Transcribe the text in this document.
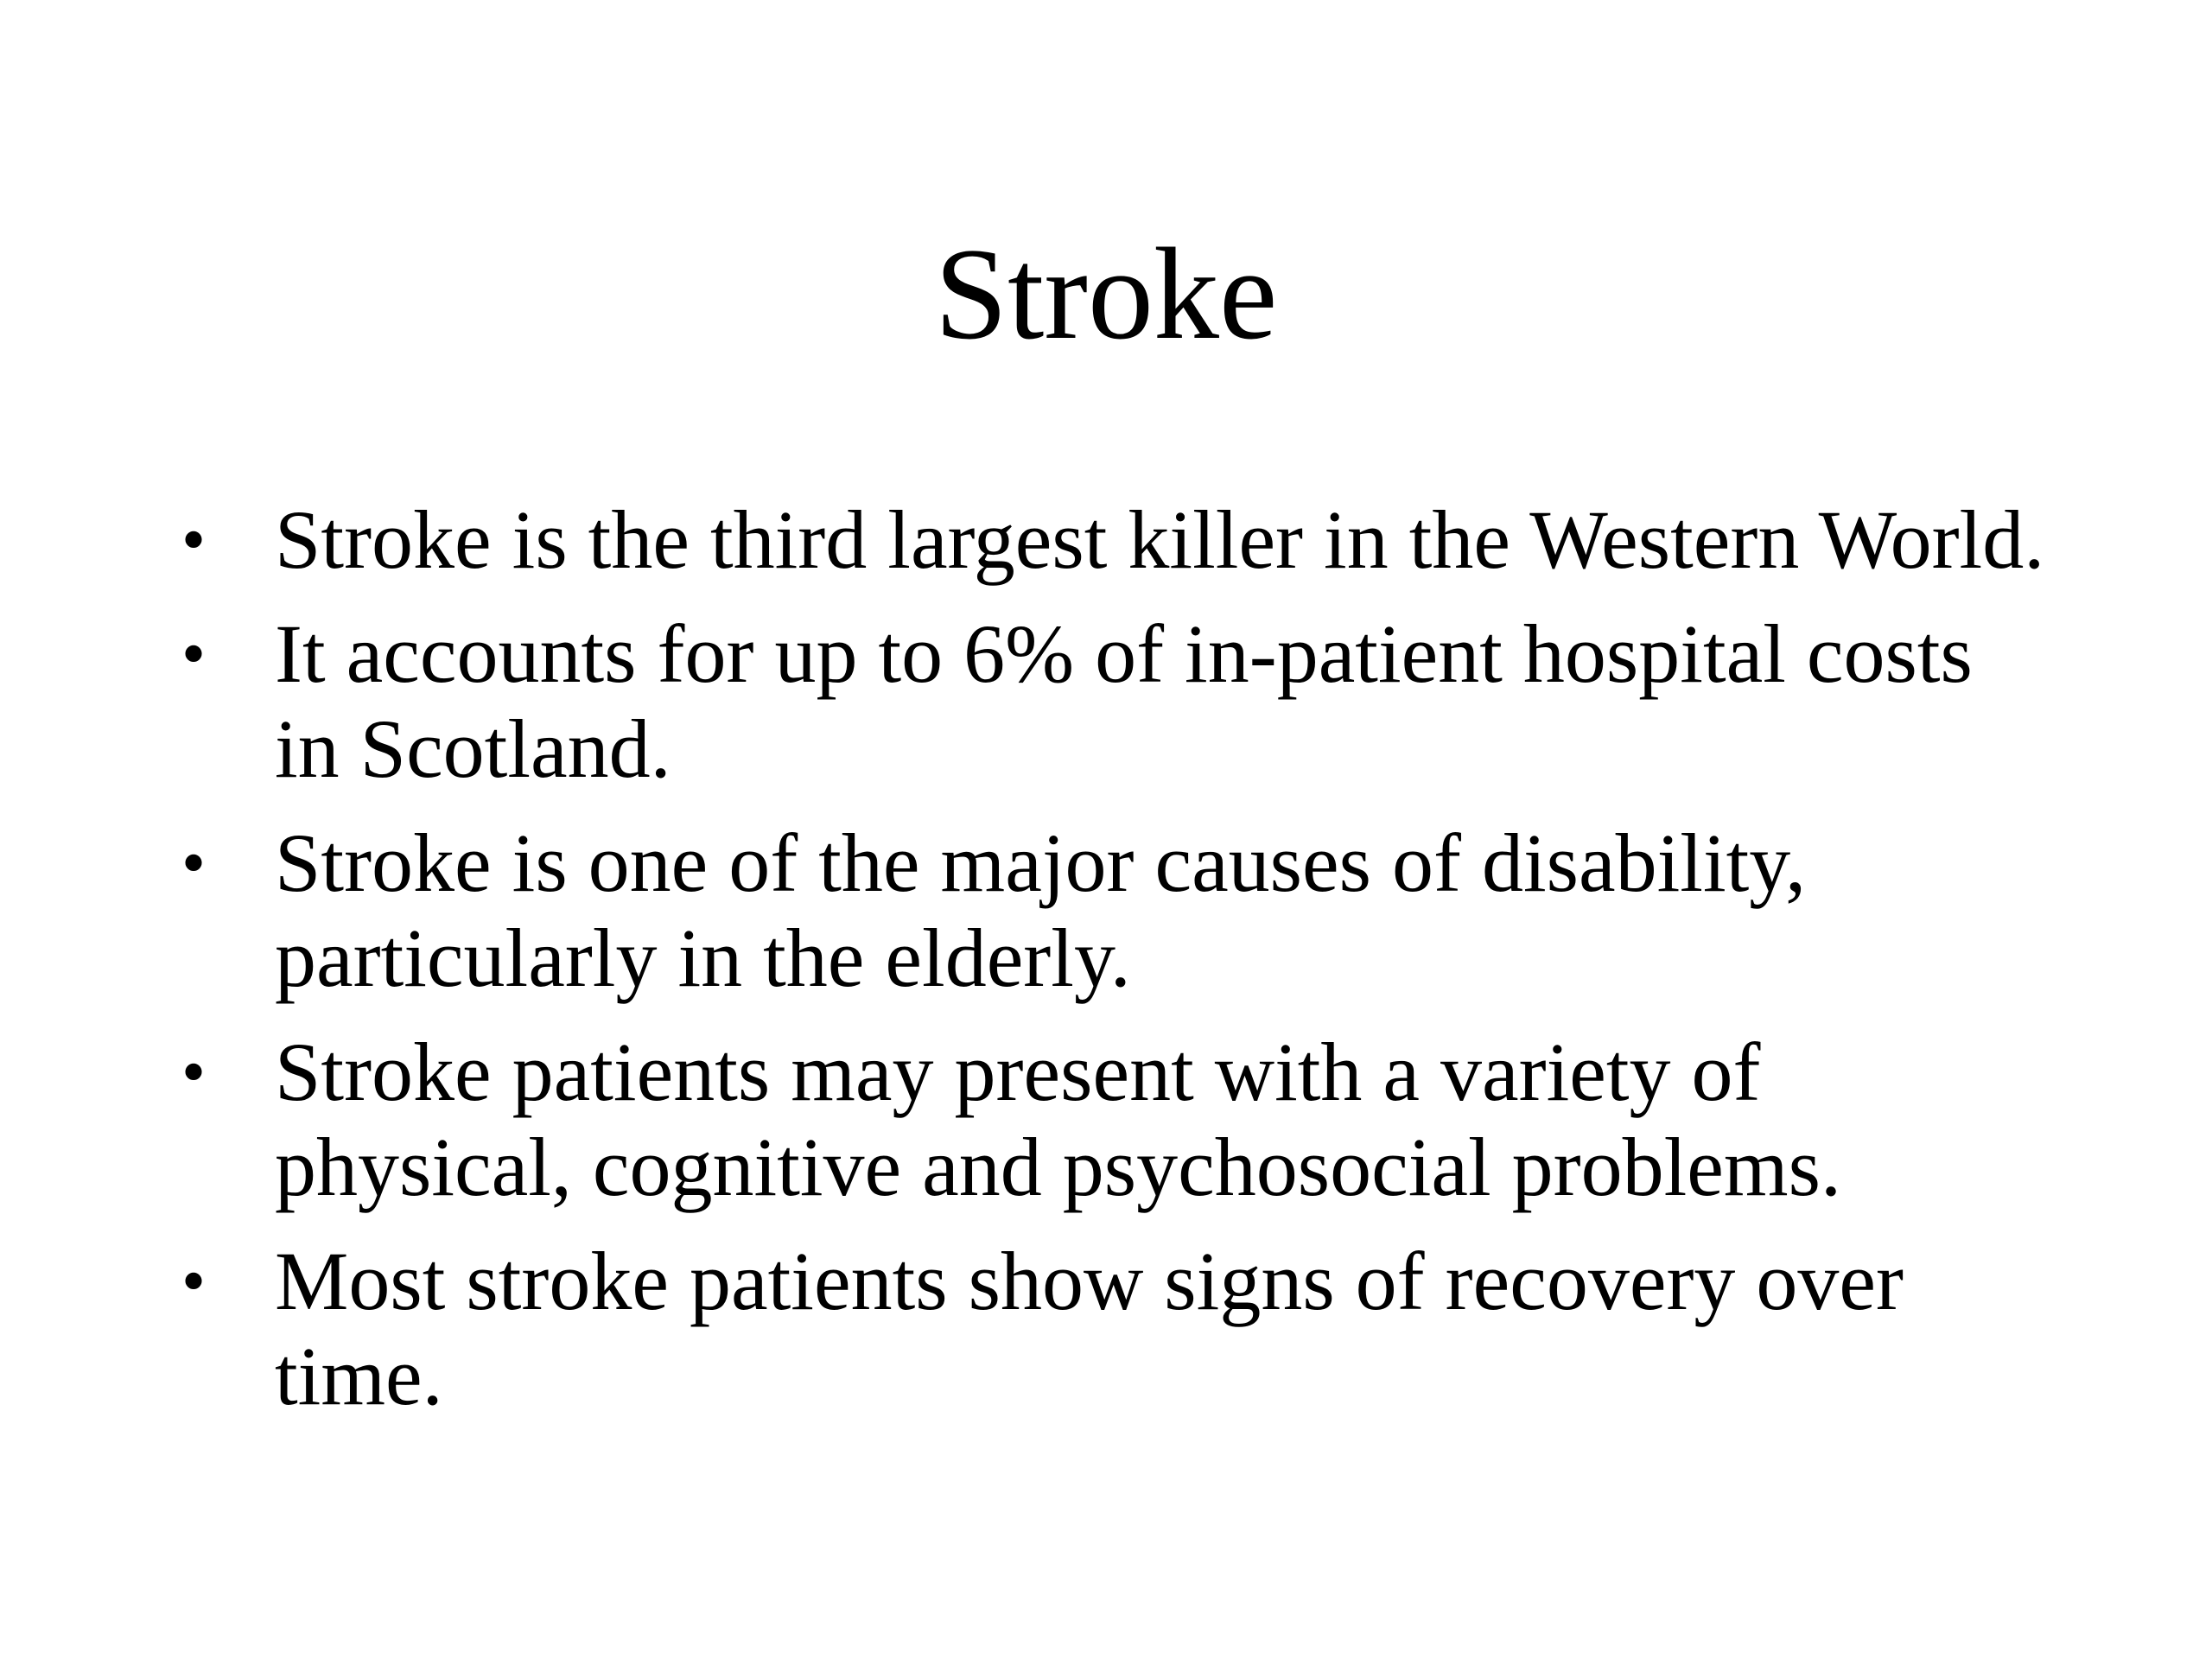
Stroke
• Stroke is the third largest killer in the Western World.
• It accounts for up to 6% of in-patient hospital costs in Scotland.
• Stroke is one of the major causes of disability, particularly in the elderly.
• Stroke patients may present with a variety of physical, cognitive and psychosocial problems.
• Most stroke patients show signs of recovery over time.
